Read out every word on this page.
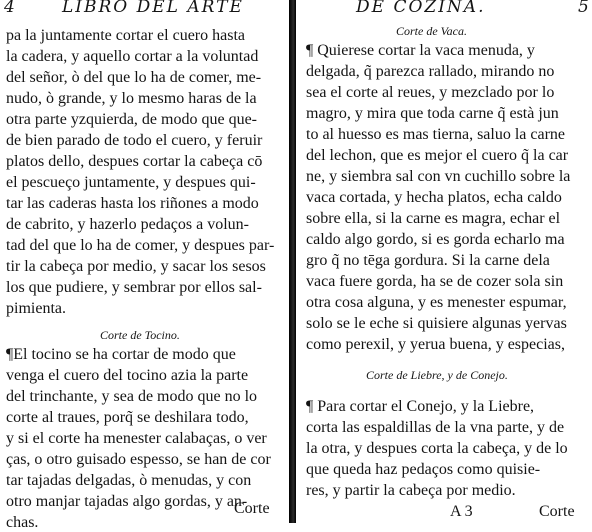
4	LIBRO DEL ARTE
pa la juntamente cortar el cuero hasta
la cadera, y aquello cortar a la voluntad
del señor, ò del que lo ha de comer, me-
nudo, ò grande, y lo mesmo haras de la
otra parte yzquierda, de modo que que-
de bien parado de todo el cuero, y feruir
platos dello, despues cortar la cabeça cō
el pescueço juntamente, y despues qui-
tar las caderas hasta los riñones a modo
de cabrito, y hazerlo pedaços a volun-
tad del que lo ha de comer, y despues par-
tir la cabeça por medio, y sacar los sesos
los que pudiere, y sembrar por ellos sal-
pimienta.
Corte de Tocino.
¶El tocino se ha cortar de modo que
venga el cuero del tocino azia la parte
del trinchante, y sea de modo que no lo
corte al traues, porq̃ se deshilara todo,
y si el corte ha menester calabaças, o ver
ças, o otro guisado espesso, se han de cor
tar tajadas delgadas, ò menudas, y con
otro manjar tajadas algo gordas, y an-
chas.
Corte
DE COZINA.	5
Corte de Vaca.
¶ Quierese cortar la vaca menuda, y
delgada, q̃ parezca rallado, mirando no
sea el corte al reues, y mezclado por lo
magro, y mira que toda carne q̃ està jun
to al huesso es mas tierna, saluo la carne
del lechon, que es mejor el cuero q̃ la car
ne, y siembra sal con vn cuchillo sobre la
vaca cortada, y hecha platos, echa caldo
sobre ella, si la carne es magra, echar el
caldo algo gordo, si es gorda echarlo ma
gro q̃ no tēga gordura. Si la carne dela
vaca fuere gorda, ha se de cozer sola sin
otra cosa alguna, y es menester espumar,
solo se le eche si quisiere algunas yervas
como perexil, y yerua buena, y especias,
Corte de Liebre, y de Conejo.
¶ Para cortar el Conejo, y la Liebre,
corta las espaldillas de la vna parte, y de
la otra, y despues corta la cabeça, y de lo
que queda haz pedaços como quisie-
res, y partir la cabeça por medio.
A 3	Corte
